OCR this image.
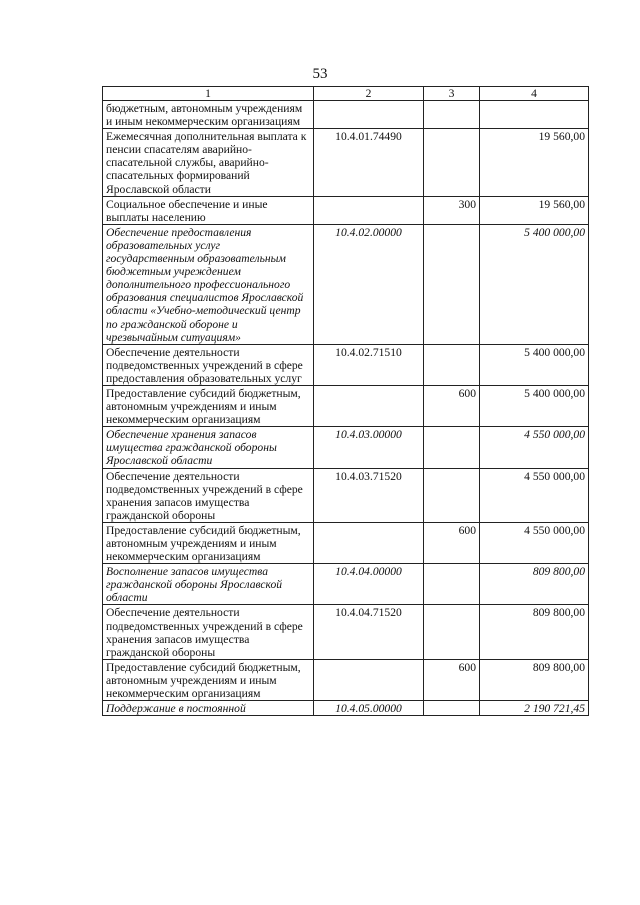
53
1	2	3	4
бюджетным, автономным учреждениям и иным некоммерческим организациям			
Ежемесячная дополнительная выплата к пенсии спасателям аварийно-спасательной службы, аварийно-спасательных формирований Ярославской области	10.4.01.74490		19 560,00
Социальное обеспечение и иные выплаты населению		300	19 560,00
Обеспечение предоставления образовательных услуг государственным образовательным бюджетным учреждением дополнительного профессионального образования специалистов Ярославской области «Учебно-методический центр по гражданской обороне и чрезвычайным ситуациям»	10.4.02.00000		5 400 000,00
Обеспечение деятельности подведомственных учреждений в сфере предоставления образовательных услуг	10.4.02.71510		5 400 000,00
Предоставление субсидий бюджетным, автономным учреждениям и иным некоммерческим организациям		600	5 400 000,00
Обеспечение хранения запасов имущества гражданской обороны Ярославской области	10.4.03.00000		4 550 000,00
Обеспечение деятельности подведомственных учреждений в сфере хранения запасов имущества гражданской обороны	10.4.03.71520		4 550 000,00
Предоставление субсидий бюджетным, автономным учреждениям и иным некоммерческим организациям		600	4 550 000,00
Восполнение запасов имущества гражданской обороны Ярославской области	10.4.04.00000		809 800,00
Обеспечение деятельности подведомственных учреждений в сфере хранения запасов имущества гражданской обороны	10.4.04.71520		809 800,00
Предоставление субсидий бюджетным, автономным учреждениям и иным некоммерческим организациям		600	809 800,00
Поддержание в постоянной	10.4.05.00000		2 190 721,45
